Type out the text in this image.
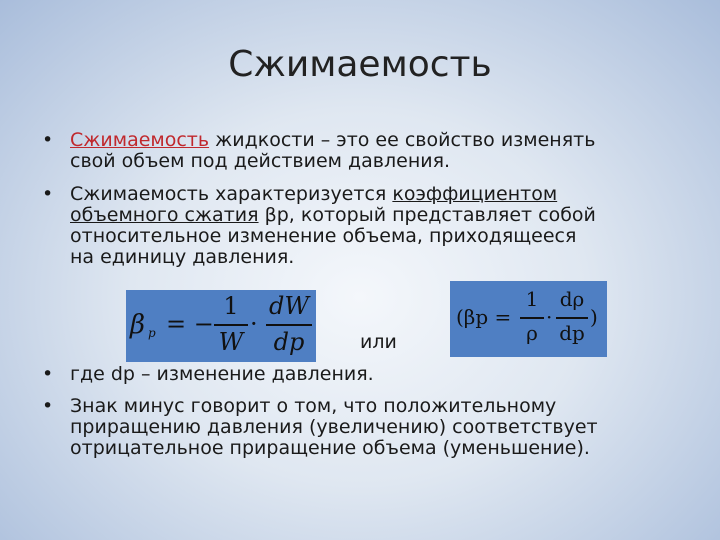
Сжимаемость
• Сжимаемость жидкости – это ее свойство изменять
свой объем под действием давления.
• Сжимаемость характеризуется коэффициентом
объемного сжатия βр, который представляет собой
относительное изменение объема, приходящееся
на единицу давления.
• где dp – изменение давления.
• Знак минус говорит о том, что положительному
приращению давления (увеличению) соответствует
отрицательное приращение объема (уменьшение).
β p = −
1
W
·
dW
dp	или
(βр =
1
ρ
·
dρ
dp
)
